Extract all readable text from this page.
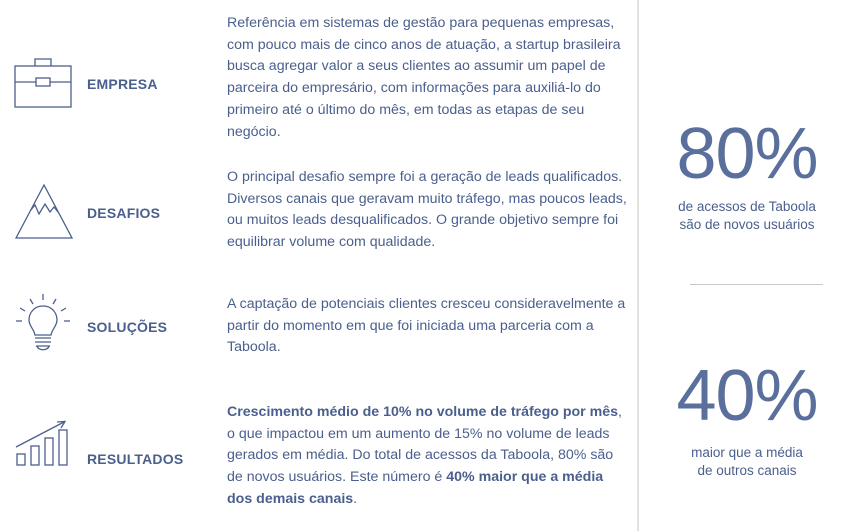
EMPRESA
Referência em sistemas de gestão para pequenas empresas, com pouco mais de cinco anos de atuação, a startup brasileira busca agregar valor a seus clientes ao assumir um papel de parceira do empresário, com informações para auxiliá-lo do primeiro até o último do mês, em todas as etapas de seu negócio.
DESAFIOS
O principal desafio sempre foi a geração de leads qualificados. Diversos canais que geravam muito tráfego, mas poucos leads, ou muitos leads desqualificados. O grande objetivo sempre foi equilibrar volume com qualidade.
SOLUÇÕES
A captação de potenciais clientes cresceu consideravelmente a partir do momento em que foi iniciada uma parceria com a Taboola.
RESULTADOS
Crescimento médio de 10% no volume de tráfego por mês, o que impactou em um aumento de 15% no volume de leads gerados em média. Do total de acessos da Taboola, 80% são de novos usuários. Este número é 40% maior que a média dos demais canais.
80%
de acessos de Taboola
são de novos usuários
40%
maior que a média
de outros canais
